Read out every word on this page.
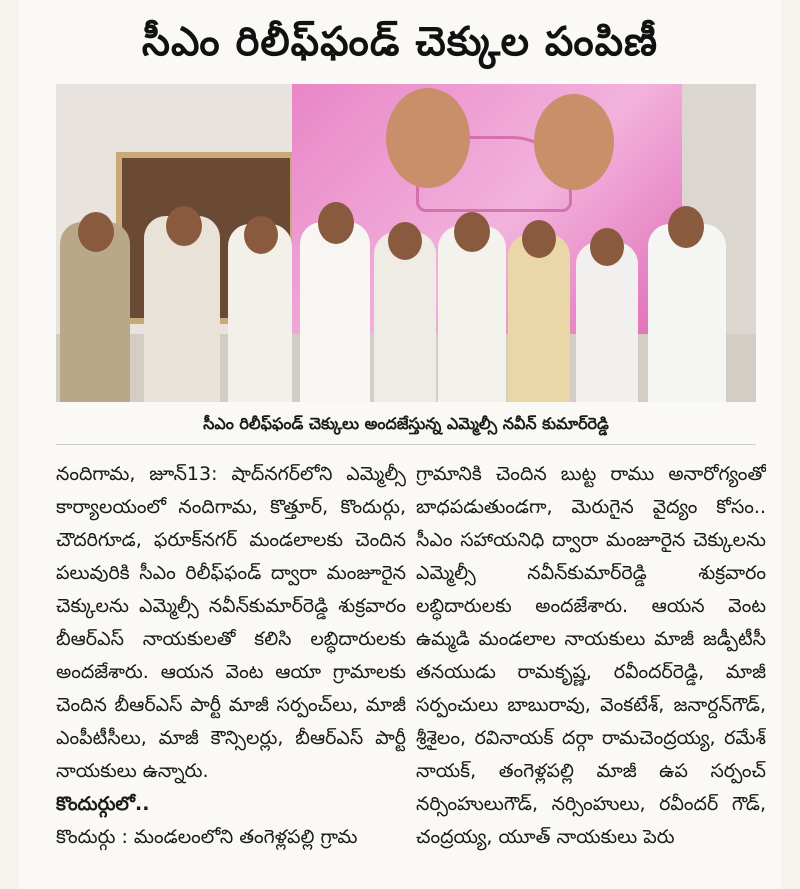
సీఎం రిలీఫ్‌ఫండ్ చెక్కుల పంపిణీ
సీఎం రిలీఫ్‌ఫండ్ చెక్కులు అందజేస్తున్న ఎమ్మెల్సీ నవీన్ కుమార్‌రెడ్డి

నందిగామ, జూన్13: షాద్‌నగర్‌లోని ఎమ్మెల్సీ కార్యాలయంలో నందిగామ, కొత్తూర్, కొందుర్గు, చౌదరిగూడ, ఫరూక్‌నగర్ మండలాలకు చెందిన పలువురికి సీఎం రిలీఫ్‌ఫండ్ ద్వారా మంజూరైన చెక్కులను ఎమ్మెల్సీ నవీన్‌కుమార్‌రెడ్డి శుక్రవారం బీఆర్ఎస్ నాయకులతో కలిసి లబ్ధిదారులకు అందజేశారు. ఆయన వెంట ఆయా గ్రామాలకు చెందిన బీఆర్ఎస్ పార్టీ మాజీ సర్పంచ్‌లు, మాజీ ఎంపీటీసీలు, మాజీ కౌన్సిలర్లు, బీఆర్ఎస్ పార్టీ నాయకులు ఉన్నారు.

కొందుర్గులో..

కొందుర్గు : మండలంలోని తంగెళ్లపల్లి గ్రామ

గ్రామానికి చెందిన బుట్ట రాము అనారోగ్యంతో బాధపడుతుండగా, మెరుగైన వైద్యం కోసం.. సీఎం సహాయనిధి ద్వారా మంజూరైన చెక్కులను ఎమ్మెల్సీ నవీన్‌కుమార్‌రెడ్డి శుక్రవారం లబ్ధిదారులకు అందజేశారు. ఆయన వెంట ఉమ్మడి మండలాల నాయకులు మాజీ జడ్పీటీసీ తనయుడు రామకృష్ణ, రవీందర్‌రెడ్డి, మాజీ సర్పంచులు బాబురావు, వెంకటేశ్, జనార్దన్‌గౌడ్, శ్రీశైలం, రవినాయక్ దర్గా రామచెంద్రయ్య, రమేశ్ నాయక్, తంగెళ్లపల్లి మాజీ ఉప సర్పంచ్ నర్సింహులుగౌడ్, నర్సింహులు, రవీందర్ గౌడ్, చంద్రయ్య, యూత్ నాయకులు పెరు
